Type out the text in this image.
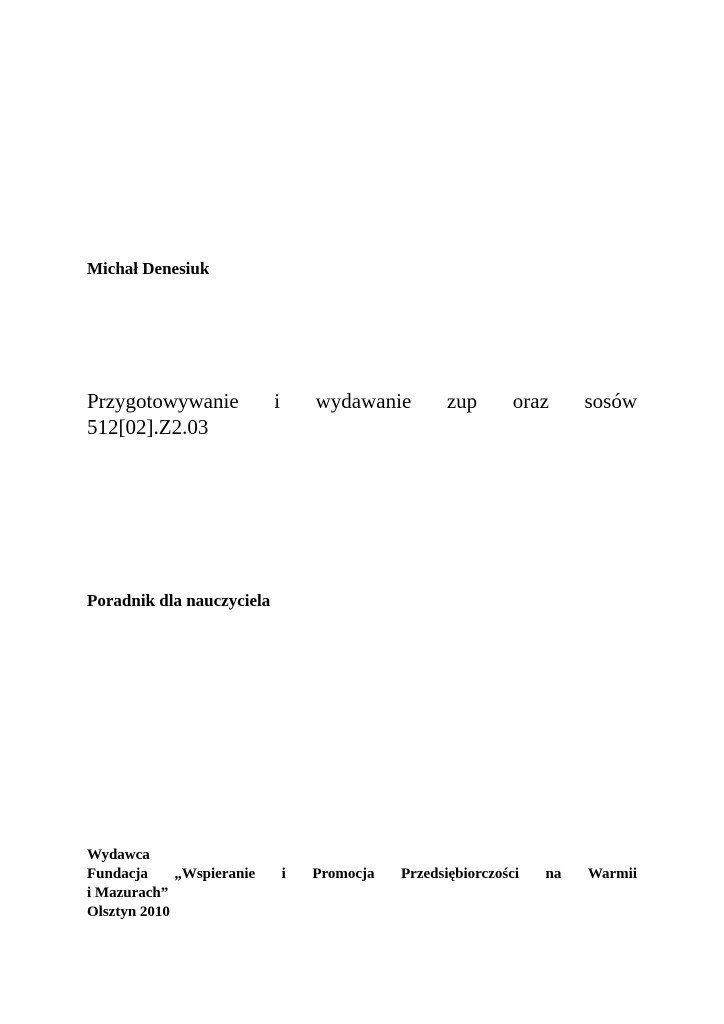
Michał Denesiuk
Przygotowywanie i wydawanie zup oraz sosów
512[02].Z2.03
Poradnik dla nauczyciela
Wydawca
Fundacja „Wspieranie i Promocja Przedsiębiorczości na Warmii
i Mazurach”
Olsztyn 2010
